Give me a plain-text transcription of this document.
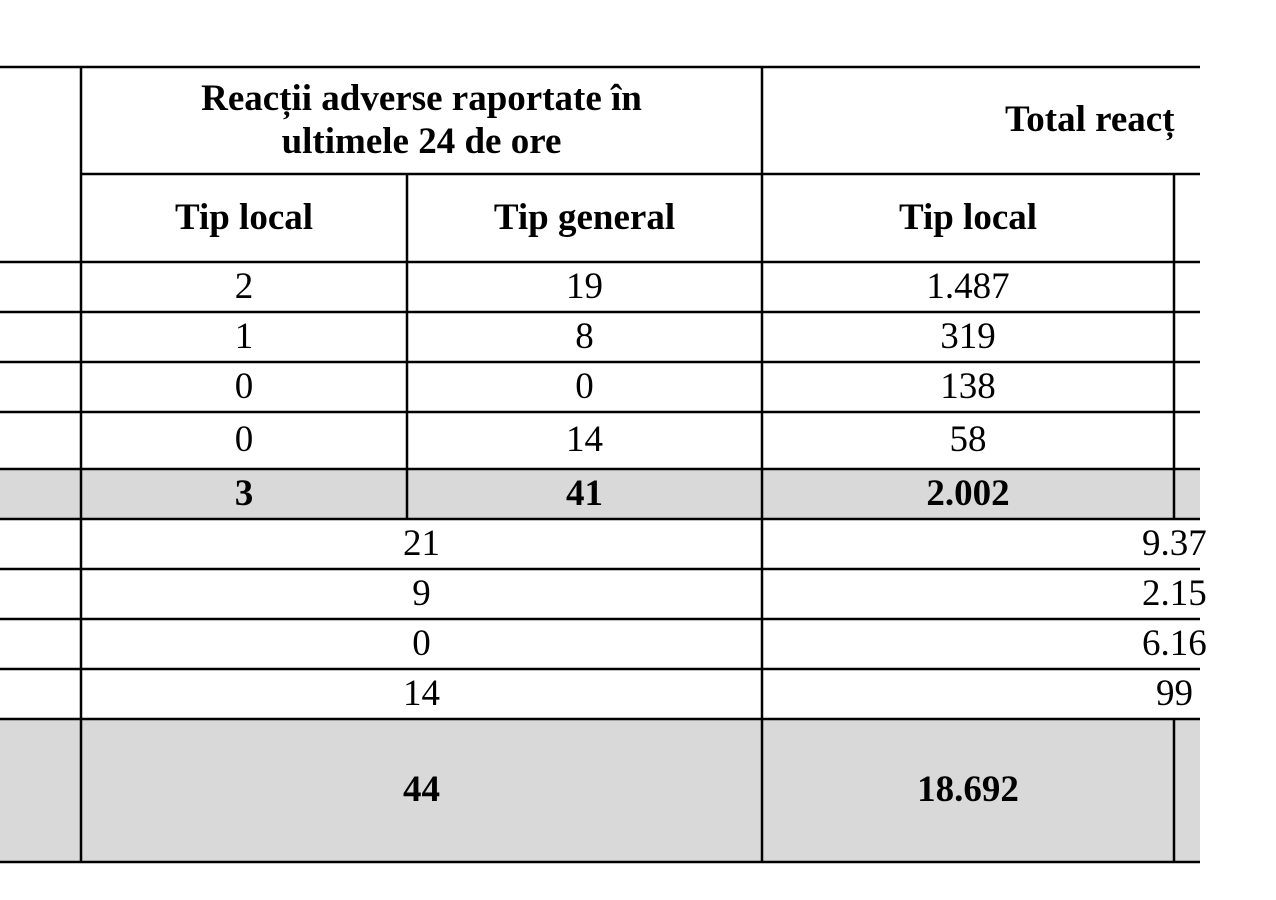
Reacții adverse raportate în ultimele 24 de ore
Total reacț
Tip local	Tip general	Tip local
2	19	1.487
1	8	319
0	0	138
0	14	58
3	41	2.002
21	9.37
9	2.15
0	6.16
14	99
44	18.692
